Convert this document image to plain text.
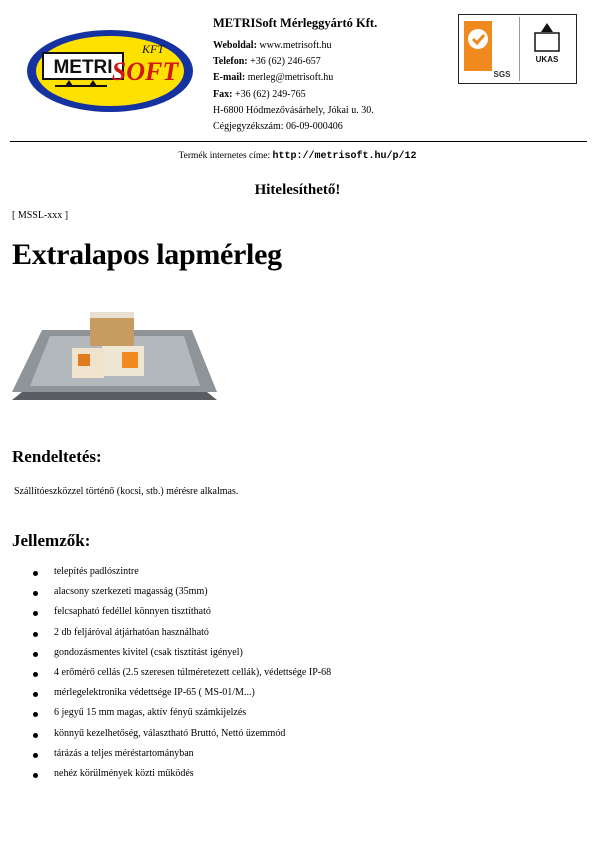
METRI SOFT
KFT
METRISoft Mérleggyártó Kft.
Weboldal: www.metrisoft.hu
Telefon: +36 (62) 246-657
E-mail: merleg@metrisoft.hu
Fax: +36 (62) 249-765
H-6800 Hódmezővásárhely, Jókai u. 30.
Cégjegyzékszám: 06-09-000406
SGS
UKAS
Termék internetes címe: http://metrisoft.hu/p/12
Hitelesíthető!
[ MSSL-xxx ]
Extralapos lapmérleg
Rendeltetés:
Szállítóeszközzel történő (kocsi, stb.) mérésre alkalmas.
Jellemzők:
telepítés padlószintre
alacsony szerkezeti magasság (35mm)
felcsapható fedéllel könnyen tisztítható
2 db feljáróval átjárhatóan használható
gondozásmentes kivitel (csak tisztítást igényel)
4 erőmérő cellás (2.5 szeresen túlméretezett cellák), védettsége IP-68
mérlegelektronika védettsége IP-65 ( MS-01/M...)
6 jegyű 15 mm magas, aktív fényű számkijelzés
könnyű kezelhetőség, választható Bruttó, Nettó üzemmód
tárázás a teljes méréstartományban
nehéz körülmények közti működés
